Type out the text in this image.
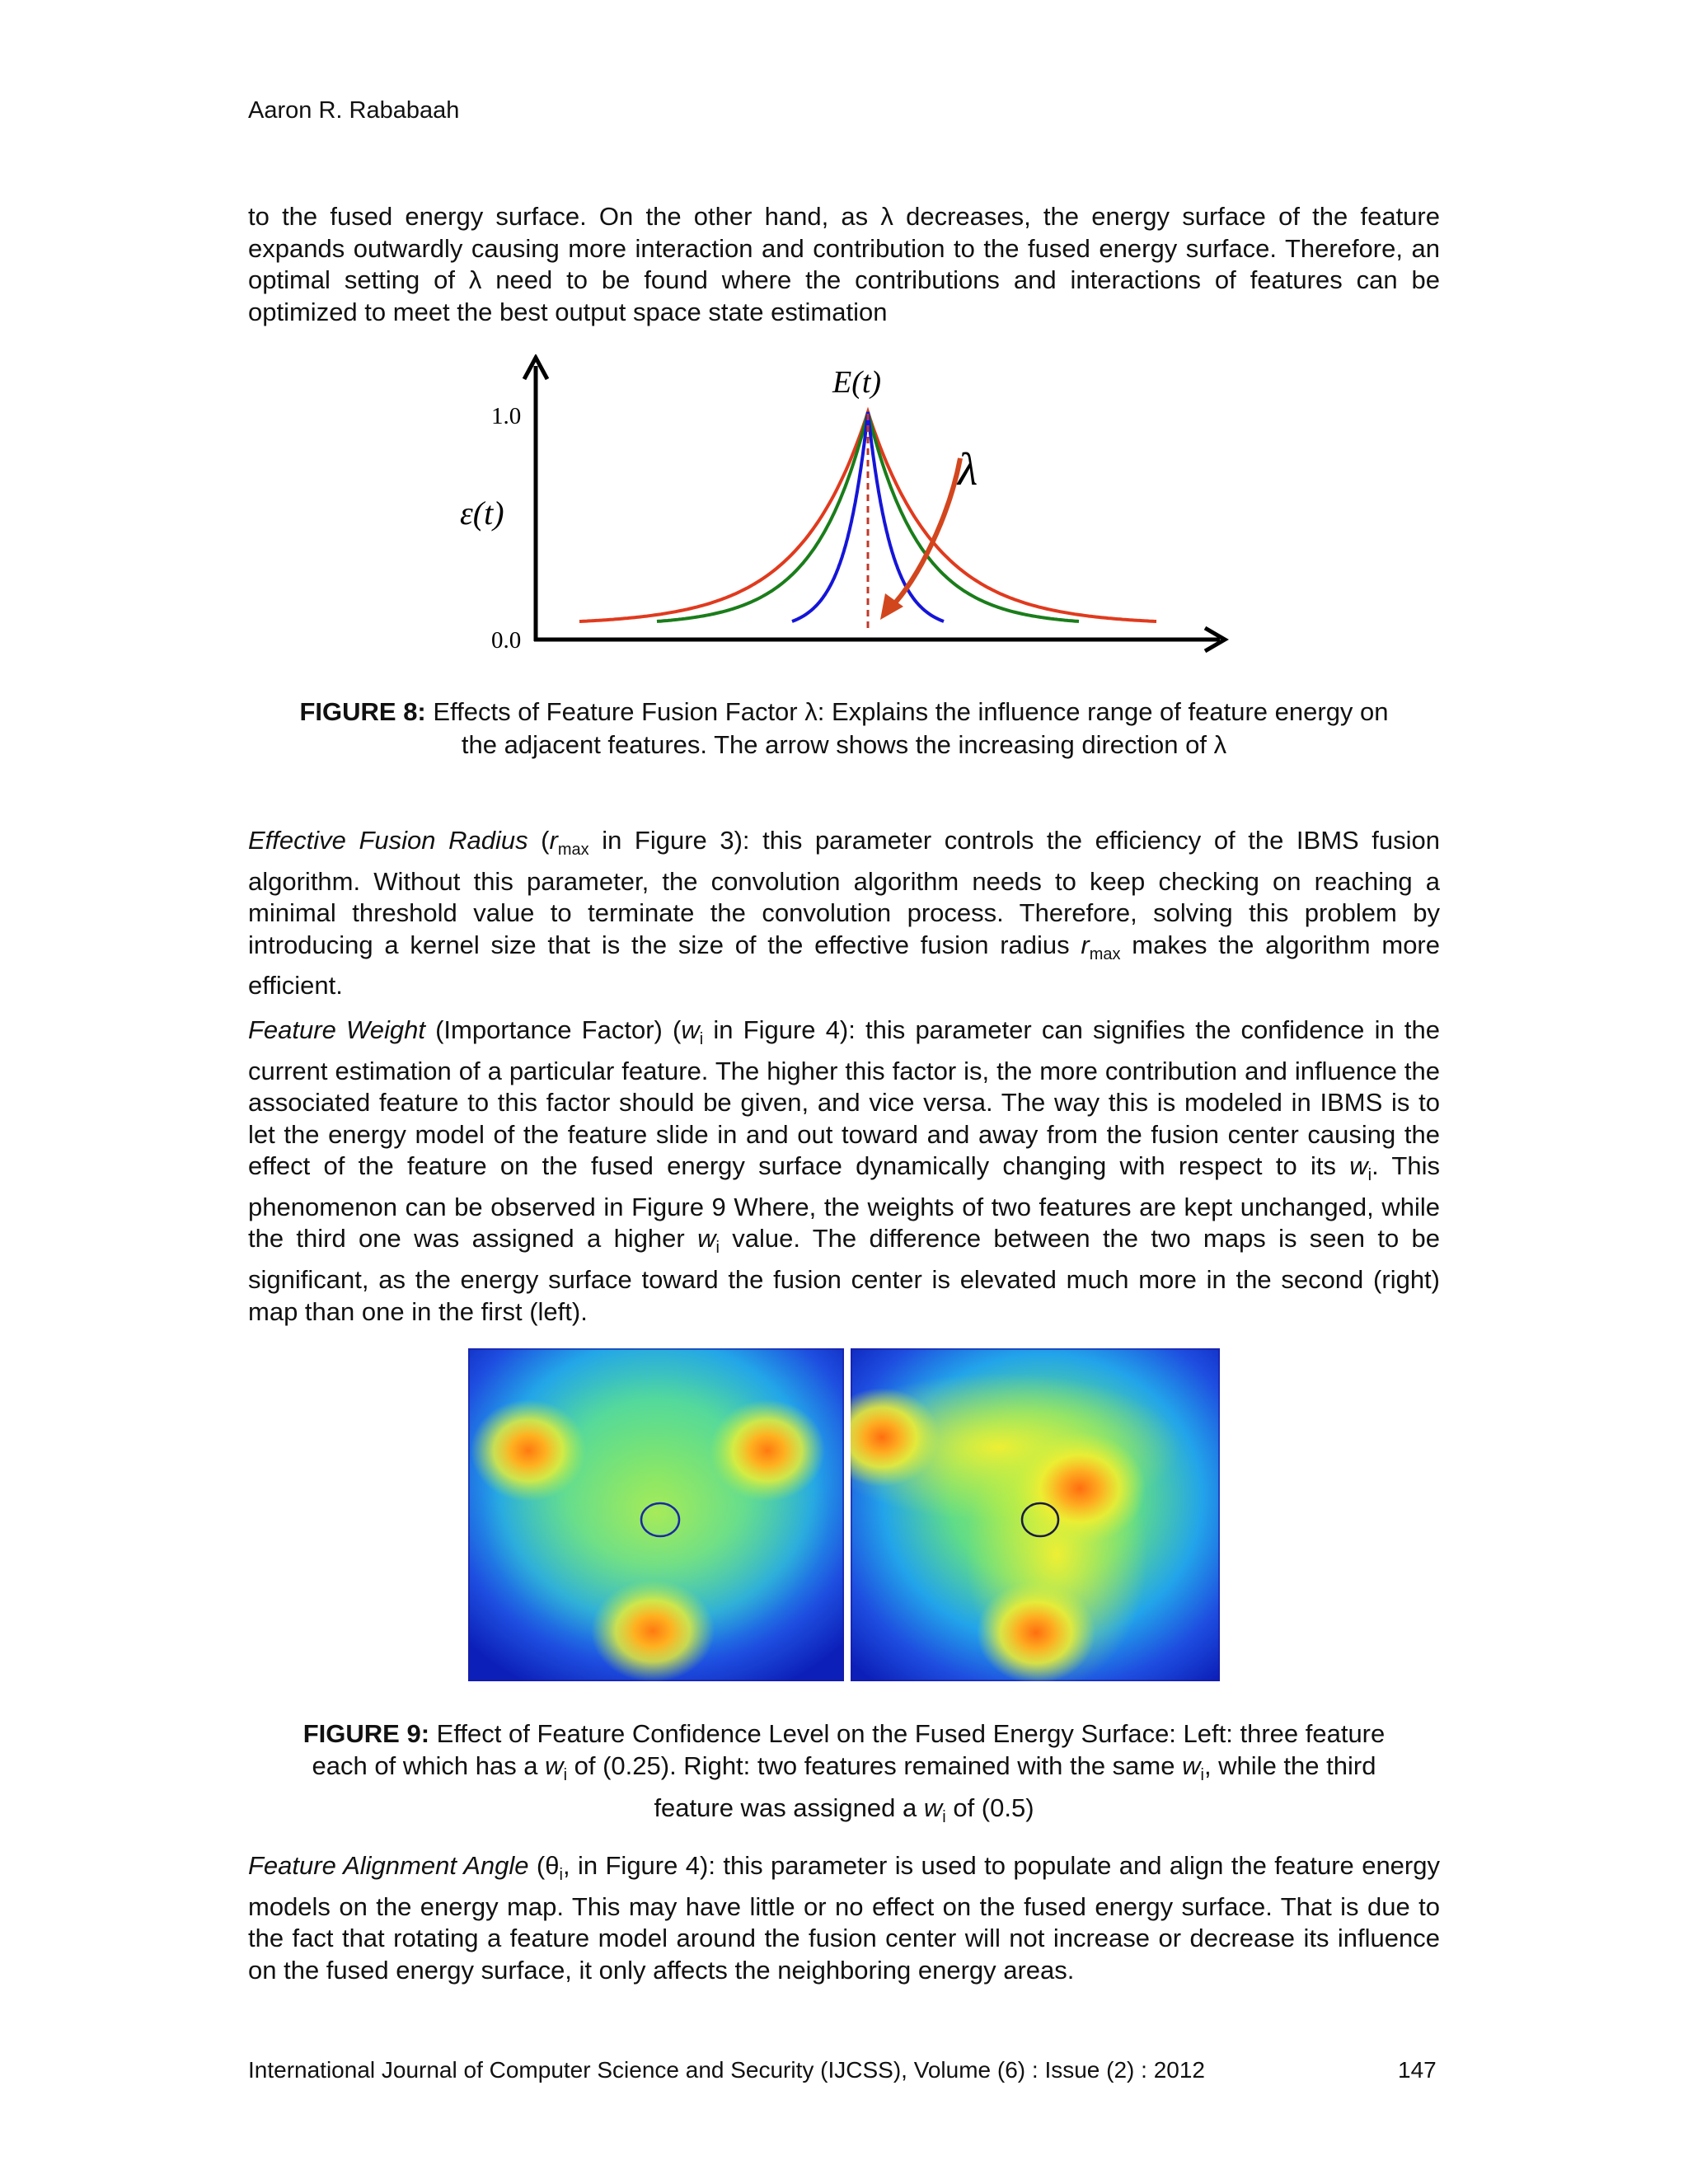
Aaron R. Rababaah
to the fused energy surface. On the other hand, as λ decreases, the energy surface of the feature expands outwardly causing more interaction and contribution to the fused energy surface. Therefore, an optimal setting of λ need to be found where the contributions and interactions of features can be optimized to meet the best output space state estimation
1.0
0.0
ε(t)
E(t)
λ
FIGURE 8: Effects of Feature Fusion Factor λ: Explains the influence range of feature energy on
the adjacent features. The arrow shows the increasing direction of λ
Effective Fusion Radius ($r_{max}$ in Figure 3): this parameter controls the efficiency of the IBMS fusion algorithm. Without this parameter, the convolution algorithm needs to keep checking on reaching a minimal threshold value to terminate the convolution process. Therefore, solving this problem by introducing a kernel size that is the size of the effective fusion radius $r_{max}$ makes the algorithm more efficient.
Feature Weight (Importance Factor) ($w_i$ in Figure 4): this parameter can signifies the confidence in the current estimation of a particular feature. The higher this factor is, the more contribution and influence the associated feature to this factor should be given, and vice versa. The way this is modeled in IBMS is to let the energy model of the feature slide in and out toward and away from the fusion center causing the effect of the feature on the fused energy surface dynamically changing with respect to its $w_i$. This phenomenon can be observed in Figure 9 Where, the weights of two features are kept unchanged, while the third one was assigned a higher $w_i$ value. The difference between the two maps is seen to be significant, as the energy surface toward the fusion center is elevated much more in the second (right) map than one in the first (left).
FIGURE 9: Effect of Feature Confidence Level on the Fused Energy Surface: Left: three feature
each of which has a $w_i$ of (0.25). Right: two features remained with the same $w_i$, while the third
feature was assigned a $w_i$ of (0.5)
Feature Alignment Angle ($\theta_i$, in Figure 4): this parameter is used to populate and align the feature energy models on the energy map. This may have little or no effect on the fused energy surface. That is due to the fact that rotating a feature model around the fusion center will not increase or decrease its influence on the fused energy surface, it only affects the neighboring energy areas.
International Journal of Computer Science and Security (IJCSS), Volume (6) : Issue (2) : 2012	147
